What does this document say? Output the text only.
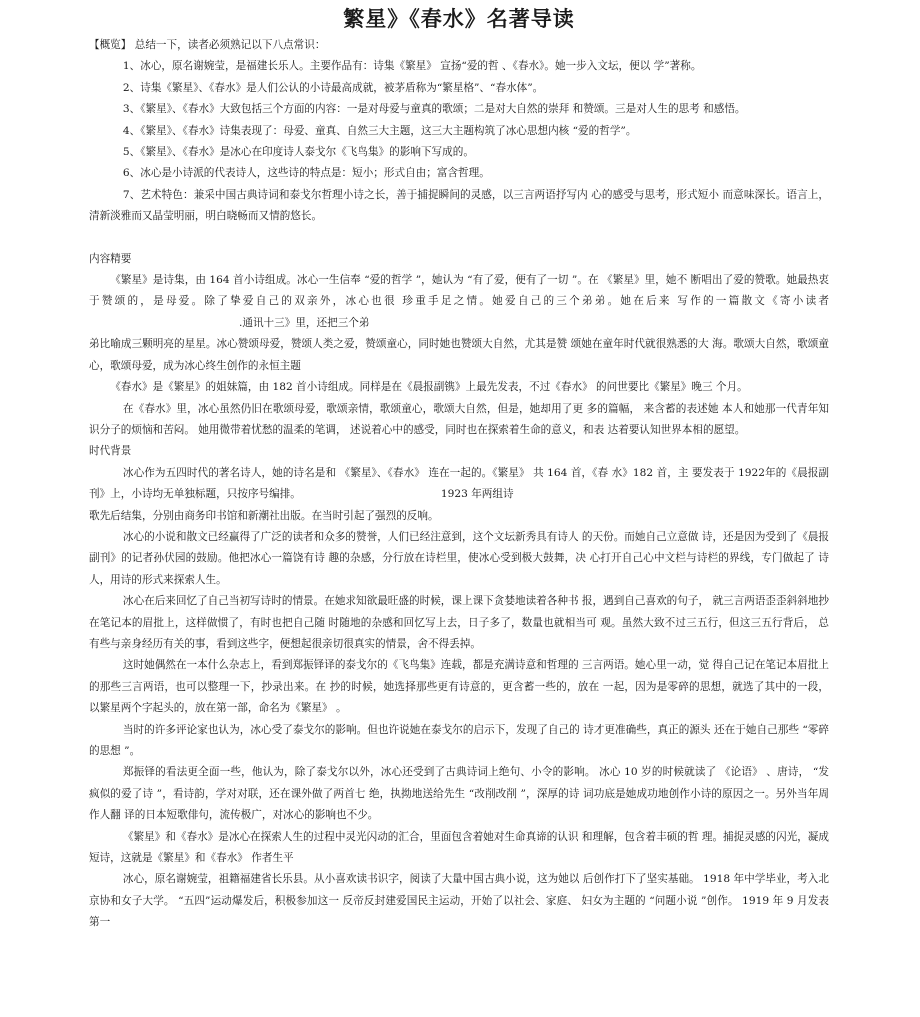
繁星》《春水》名著导读

【概览】 总结一下，读者必须熟记以下八点常识：

1、冰心，原名谢婉莹，是福建长乐人。主要作品有：诗集《繁星》 宣扬“爱的哲 、《春水》。她一步入文坛，便以 学”著称。

2、诗集《繁星》、《春水》是人们公认的小诗最高成就，被茅盾称为“繁星格”、“春水体”。

3、《繁星》、《春水》大致包括三个方面的内容：一是对母爱与童真的歌颂；二是对大自然的崇拜 和赞颂。三是对人生的思考 和感悟。

4、《繁星》、《春水》诗集表现了：母爱、童真、自然三大主题，这三大主题构筑了冰心思想内核 “爱的哲学”。

5、《繁星》、《春水》是冰心在印度诗人泰戈尔《飞鸟集》的影响下写成的。

6、冰心是小诗派的代表诗人，这些诗的特点是：短小；形式自由；富含哲理。

7、艺术特色：兼采中国古典诗词和泰戈尔哲理小诗之长，善于捕捉瞬间的灵感，以三言两语抒写内 心的感受与思考，形式短小 而意味深长。语言上，清新淡雅而又晶莹明丽，明白晓畅而又情韵悠长。

内容精要

《繁星》是诗集，由 164 首小诗组成。冰心一生信奉 “爱的哲学 ”，她认为 “有了爱，便有了一切 ”。在 《繁星》里，她不 断唱出了爱的赞歌。她最热衷于赞颂的，是母爱。除了挚爱自己的双亲外，冰心也很 珍重手足之情。她爱自己的三个弟弟。她在后来 写作的一篇散文《寄小读者.通讯十三》里，还把三个弟

弟比喻成三颗明亮的星星。冰心赞颂母爱，赞颂人类之爱，赞颂童心，同时她也赞颂大自然，尤其是赞 颂她在童年时代就很熟悉的大 海。歌颂大自然，歌颂童心，歌颂母爱，成为冰心终生创作的永恒主题

《春水》是《繁星》的姐妹篇，由 182 首小诗组成。同样是在《晨报副镌》上最先发表，不过《春水》 的问世要比《繁星》晚三 个月。

在《春水》里，冰心虽然仍旧在歌颂母爱，歌颂亲情，歌颂童心，歌颂大自然，但是，她却用了更 多的篇幅， 来含蓄的表述她 本人和她那一代青年知识分子的烦恼和苦闷。 她用微带着忧愁的温柔的笔调， 述说着心中的感受，同时也在探索着生命的意义，和表 达着要认知世界本相的愿望。

时代背景

冰心作为五四时代的著名诗人，她的诗名是和 《繁星》、《春水》 连在一起的。《繁星》 共 164 首，《春 水》182 首，主 要发表于 1922年的《晨报副刊》上，小诗均无单独标题，只按序号编排。	1923 年两组诗

歌先后结集，分别由商务印书馆和新潮社出版。在当时引起了强烈的反响。

冰心的小说和散文已经赢得了广泛的读者和众多的赞誉，人们已经注意到，这个文坛新秀具有诗人 的天份。而她自己立意做 诗，还是因为受到了《晨报副刊》的记者孙伏园的鼓励。他把冰心一篇饶有诗 趣的杂感，分行放在诗栏里，使冰心受到极大鼓舞，决 心打开自己心中文栏与诗栏的界线，专门做起了 诗人，用诗的形式来探索人生。

冰心在后来回忆了自己当初写诗时的情景。在她求知欲最旺盛的时候，课上课下贪婪地读着各种书 报，遇到自己喜欢的句子， 就三言两语歪歪斜斜地抄在笔记本的眉批上，这样做惯了，有时也把自己随 时随地的杂感和回忆写上去，日子多了，数量也就相当可 观。虽然大致不过三五行，但这三五行背后， 总有些与亲身经历有关的事，看到这些字，便想起很亲切很真实的情景，舍不得丢掉。

这时她偶然在一本什么杂志上，看到郑振铎译的泰戈尔的《飞鸟集》连载，都是充满诗意和哲理的 三言两语。她心里一动，觉 得自己记在笔记本眉批上的那些三言两语，也可以整理一下，抄录出来。在 抄的时候，她选择那些更有诗意的，更含蓄一些的，放在 一起，因为是零碎的思想，就选了其中的一段， 以繁星两个字起头的，放在第一部，命名为《繁星》 。

当时的许多评论家也认为，冰心受了泰戈尔的影响。但也许说她在泰戈尔的启示下，发现了自己的 诗才更准确些，真正的源头 还在于她自己那些 “零碎的思想 ”。

郑振铎的看法更全面一些，他认为，除了泰戈尔以外，冰心还受到了古典诗词上绝句、小令的影响。 冰心 10 岁的时候就读了 《论语》 、唐诗， “发疯似的爱了诗 ”，看诗韵，学对对联，还在课外做了两首七 绝，执拗地送给先生 “改削改削 ”，深厚的诗 词功底是她成功地创作小诗的原因之一。另外当年周作人翻 译的日本短歌俳句，流传极广，对冰心的影响也不少。

《繁星》和《春水》是冰心在探索人生的过程中灵光闪动的汇合，里面包含着她对生命真谛的认识 和理解，包含着丰硕的哲 理。捕捉灵感的闪光，凝成短诗，这就是《繁星》和《春水》 作者生平

冰心，原名谢婉莹，祖籍福建省长乐县。从小喜欢读书识字，阅读了大量中国古典小说，这为她以 后创作打下了坚实基础。 1918 年中学毕业，考入北京协和女子大学。 “五四”运动爆发后，积极参加这一 反帝反封建爱国民主运动，开始了以社会、家庭、 妇女为主题的 “问题小说 ”创作。 1919 年 9 月发表第一
